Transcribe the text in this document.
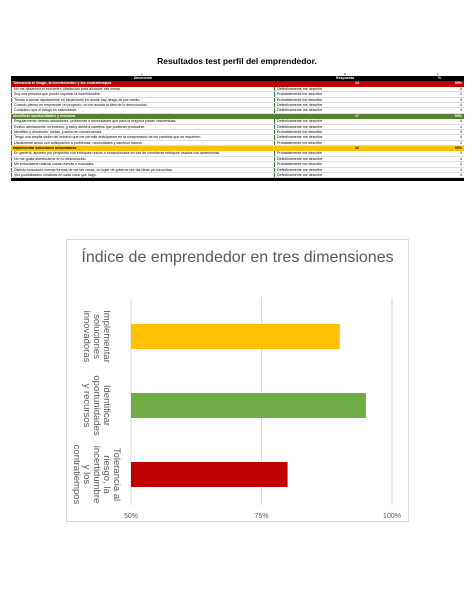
Resultados test perfil del emprendedor.
A	B	C
Dimensión	Respuesta	%
Tolerancia al riesgo, la incertidumbre y los contratiempos	14	80%
No me desanimo si encuentro obstáculos para alcanzar mis metas.	Definitivamente me describe	4
Soy una persona que puede soportar la incertidumbre.	Probablemente me describe	2
Tiendo a actuar rápidamente en situaciones en donde hay riesgo de por medio.	Probablemente me describe	3
Cuando pienso en emprender un proyecto, no me asusta la idea de lo desconocido.	Definitivamente me describe	4
Considero que el riesgo es estimulante.	Definitivamente me describe	4
Identificar oportunidades y recursos	17	95%
Regularmente detecto situaciones, problemas o necesidades que para la mayoría pasan inadvertidas.	Definitivamente me describe	4
Evalúo atentamente mi entorno, y estoy alerta a cambios que pudieran producirse.	Definitivamente me describe	4
Identifico y desarrollo: metas, y actúo en consecuencia.	Probablemente me describe	3
Tengo una amplia visión del entorno que me permite anticiparme en la comprensión de los cambios que se requieren.	Definitivamente me describe	4
Usualmente actúo con anticipación a problemas, necesidades y cambios futuros.	Probablemente me describe	3
Implementar soluciones innovadoras	16	90%
En general, apuesto por proyectos con enfoques únicos o excepcionales en vez de considerar enfoques usados con anterioridad.	Probablemente me describe	3
No me gusta aventurarme en lo desconocido.	Definitivamente me describe	4
Me entusiasma realizar cosas nuevas e inusuales.	Probablemente me describe	3
Disfruto buscando nuevas formas de ver las cosas, en lugar de guiarme por las ideas ya conocidas.	Definitivamente me describe	4
Veo posibilidades creativas en cada cosa que hago.	Definitivamente me describe	4
Índice de emprendedor en tres dimensiones
50%	75%	100%
Implementarsolucionesinnovadoras
Identificaroportunidadesy recursos
Tolerancia alriesgo, laincertidumbrey loscontratiempos
